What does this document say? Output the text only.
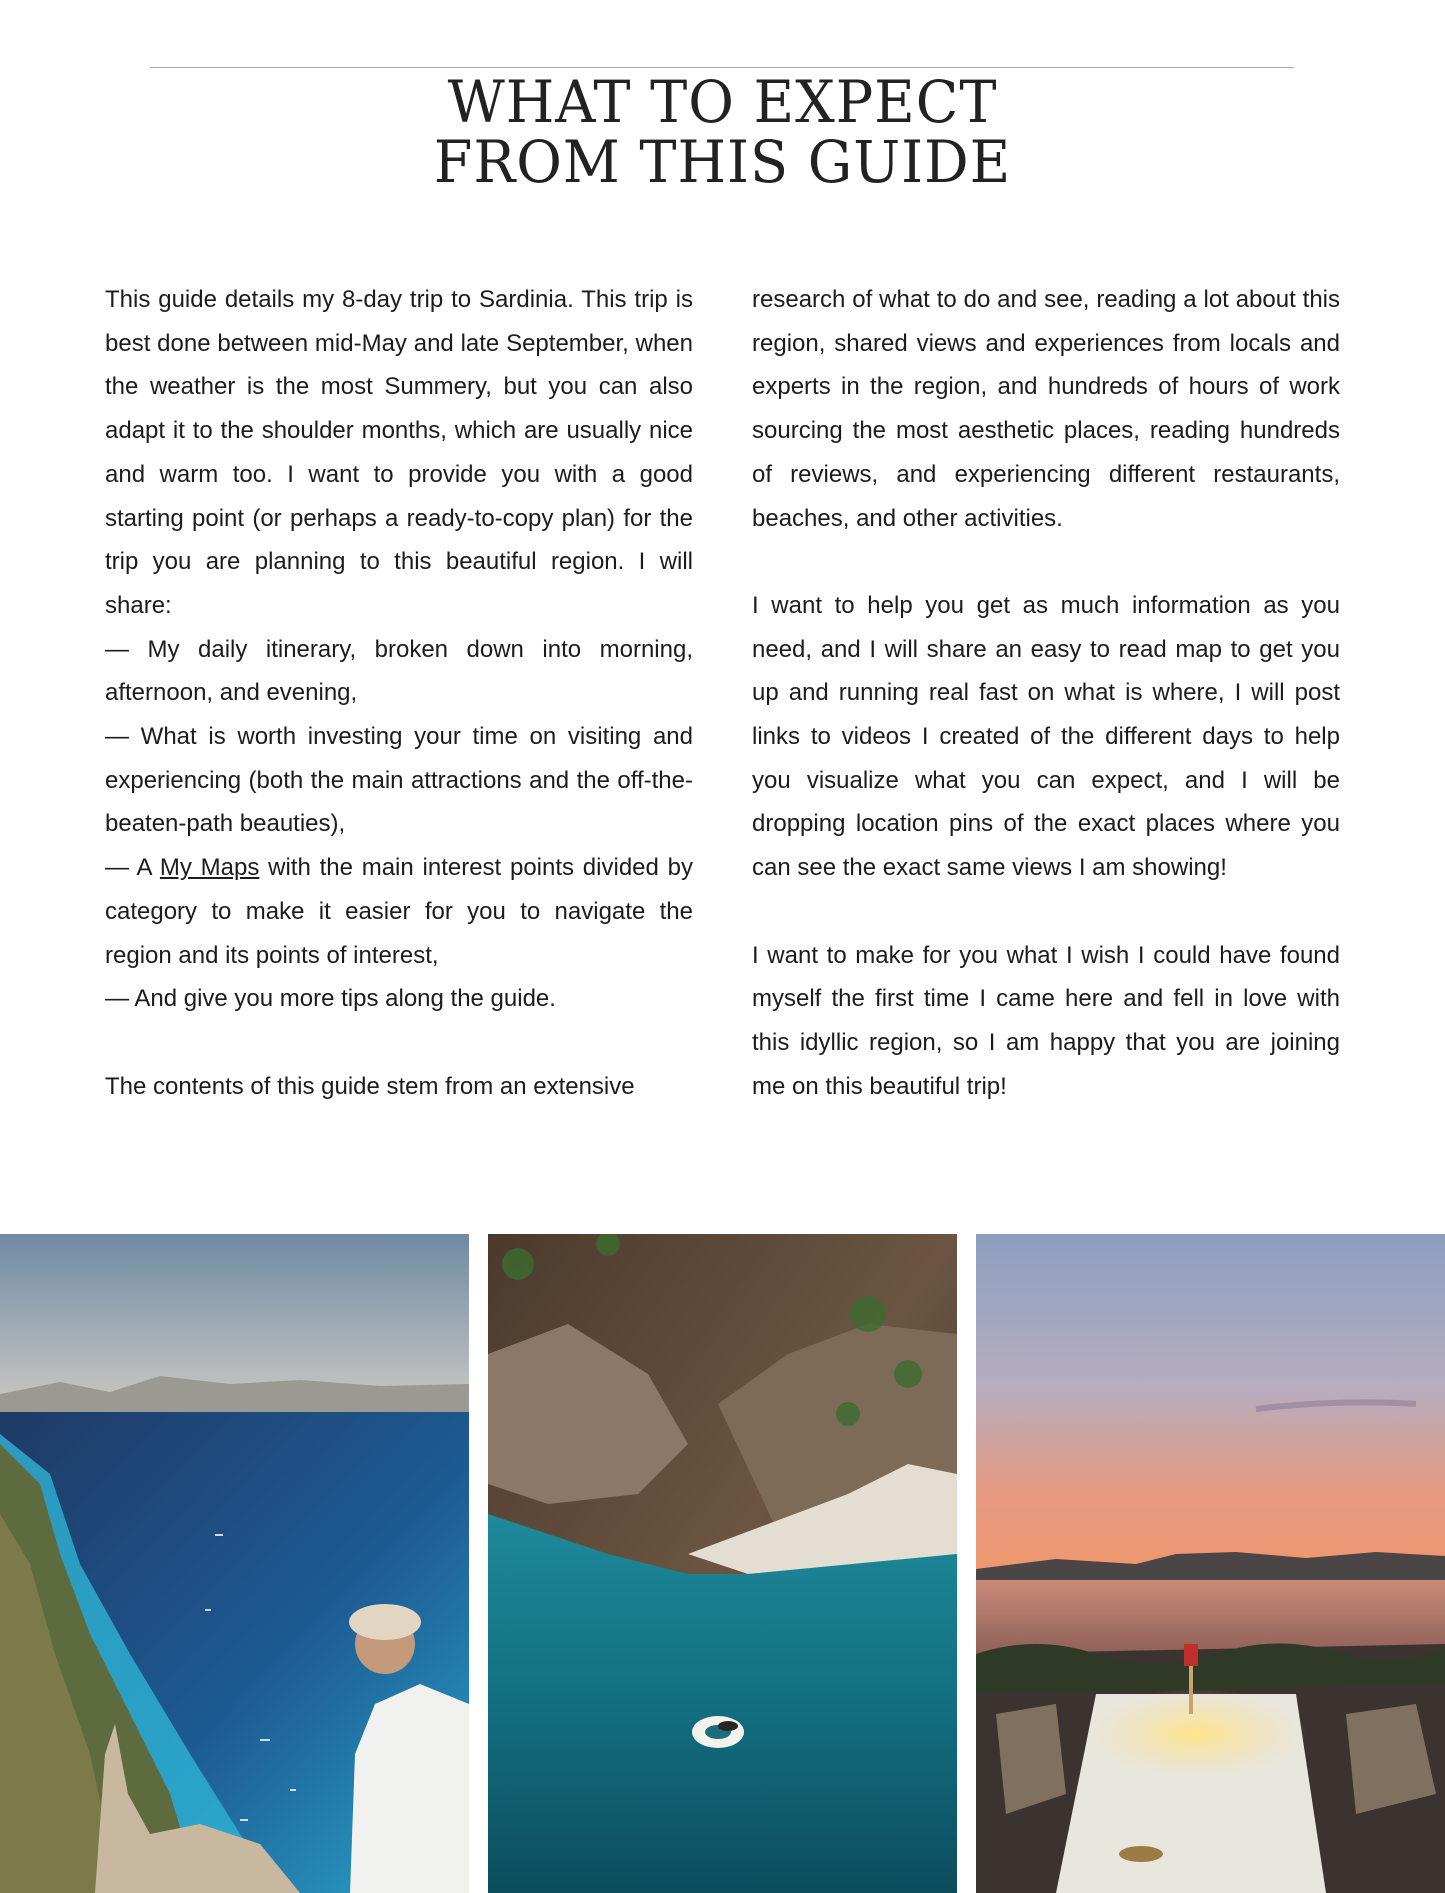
WHAT TO EXPECT
FROM THIS GUIDE

This guide details my 8-day trip to Sardinia. This trip is best done between mid-May and late September, when the weather is the most Summery, but you can also adapt it to the shoulder months, which are usually nice and warm too. I want to provide you with a good starting point (or perhaps a ready-to-copy plan) for the trip you are planning to this beautiful region. I will share:

— My daily itinerary, broken down into morning, afternoon, and evening,

— What is worth investing your time on visiting and experiencing (both the main attractions and the off-the-beaten-path beauties),

— A My Maps with the main interest points divided by category to make it easier for you to navigate the region and its points of interest,

— And give you more tips along the guide.

The contents of this guide stem from an extensive

research of what to do and see, reading a lot about this region, shared views and experiences from locals and experts in the region, and hundreds of hours of work sourcing the most aesthetic places, reading hundreds of reviews, and experiencing different restaurants, beaches, and other activities.

I want to help you get as much information as you need, and I will share an easy to read map to get you up and running real fast on what is where, I will post links to videos I created of the different days to help you visualize what you can expect, and I will be dropping location pins of the exact places where you can see the exact same views I am showing!

I want to make for you what I wish I could have found myself the first time I came here and fell in love with this idyllic region, so I am happy that you are joining me on this beautiful trip!
